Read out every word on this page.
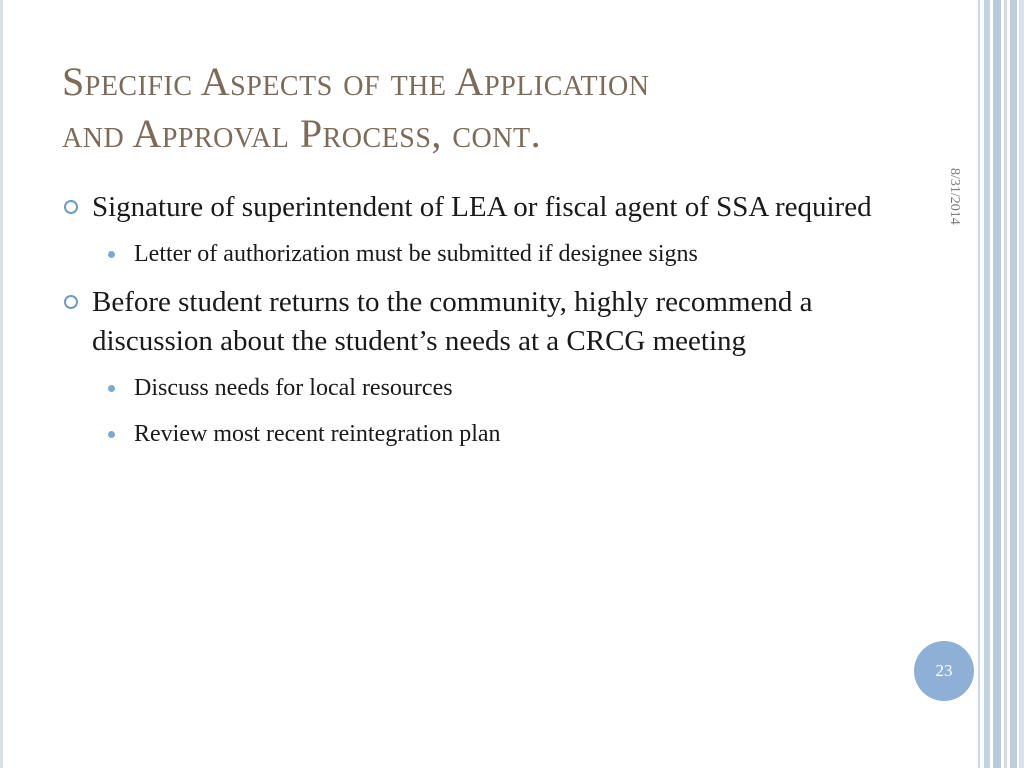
Specific Aspects of the Application
and Approval Process, cont.
8/31/2014
Signature of superintendent of LEA or fiscal agent of SSA required
Letter of authorization must be submitted if designee signs
Before student returns to the community, highly recommend a discussion about the student’s needs at a CRCG meeting
Discuss needs for local resources
Review most recent reintegration plan
23
